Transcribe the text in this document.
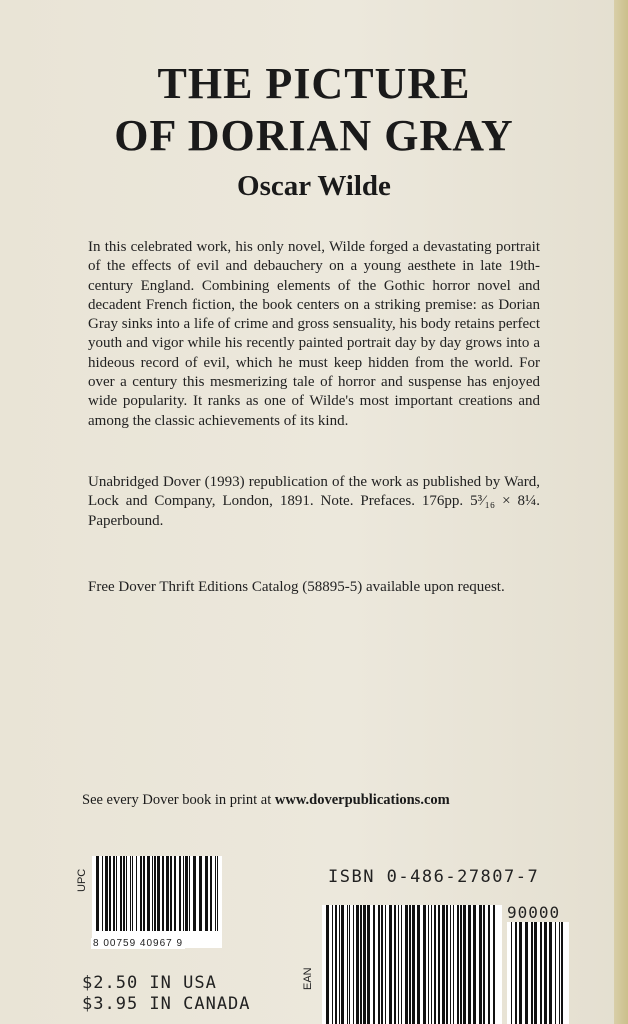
THE PICTURE
OF DORIAN GRAY
Oscar Wilde
In this celebrated work, his only novel, Wilde forged a devastating portrait of the effects of evil and debauchery on a young aesthete in late 19th-century England. Combining elements of the Gothic horror novel and decadent French fiction, the book centers on a striking premise: as Dorian Gray sinks into a life of crime and gross sensuality, his body retains perfect youth and vigor while his recently painted portrait day by day grows into a hideous record of evil, which he must keep hidden from the world. For over a century this mesmerizing tale of horror and suspense has enjoyed wide popularity. It ranks as one of Wilde's most important creations and among the classic achievements of its kind.
Unabridged Dover (1993) republication of the work as published by Ward, Lock and Company, London, 1891. Note. Prefaces. 176pp. 5³⁄₁₆ × 8¼. Paperbound.
Free Dover Thrift Editions Catalog (58895-5) available upon request.
See every Dover book in print at www.doverpublications.com
UPC
8 00759 40967 9
$2.50 IN USA
$3.95 IN CANADA
ISBN 0-486-27807-7
90000
EAN
